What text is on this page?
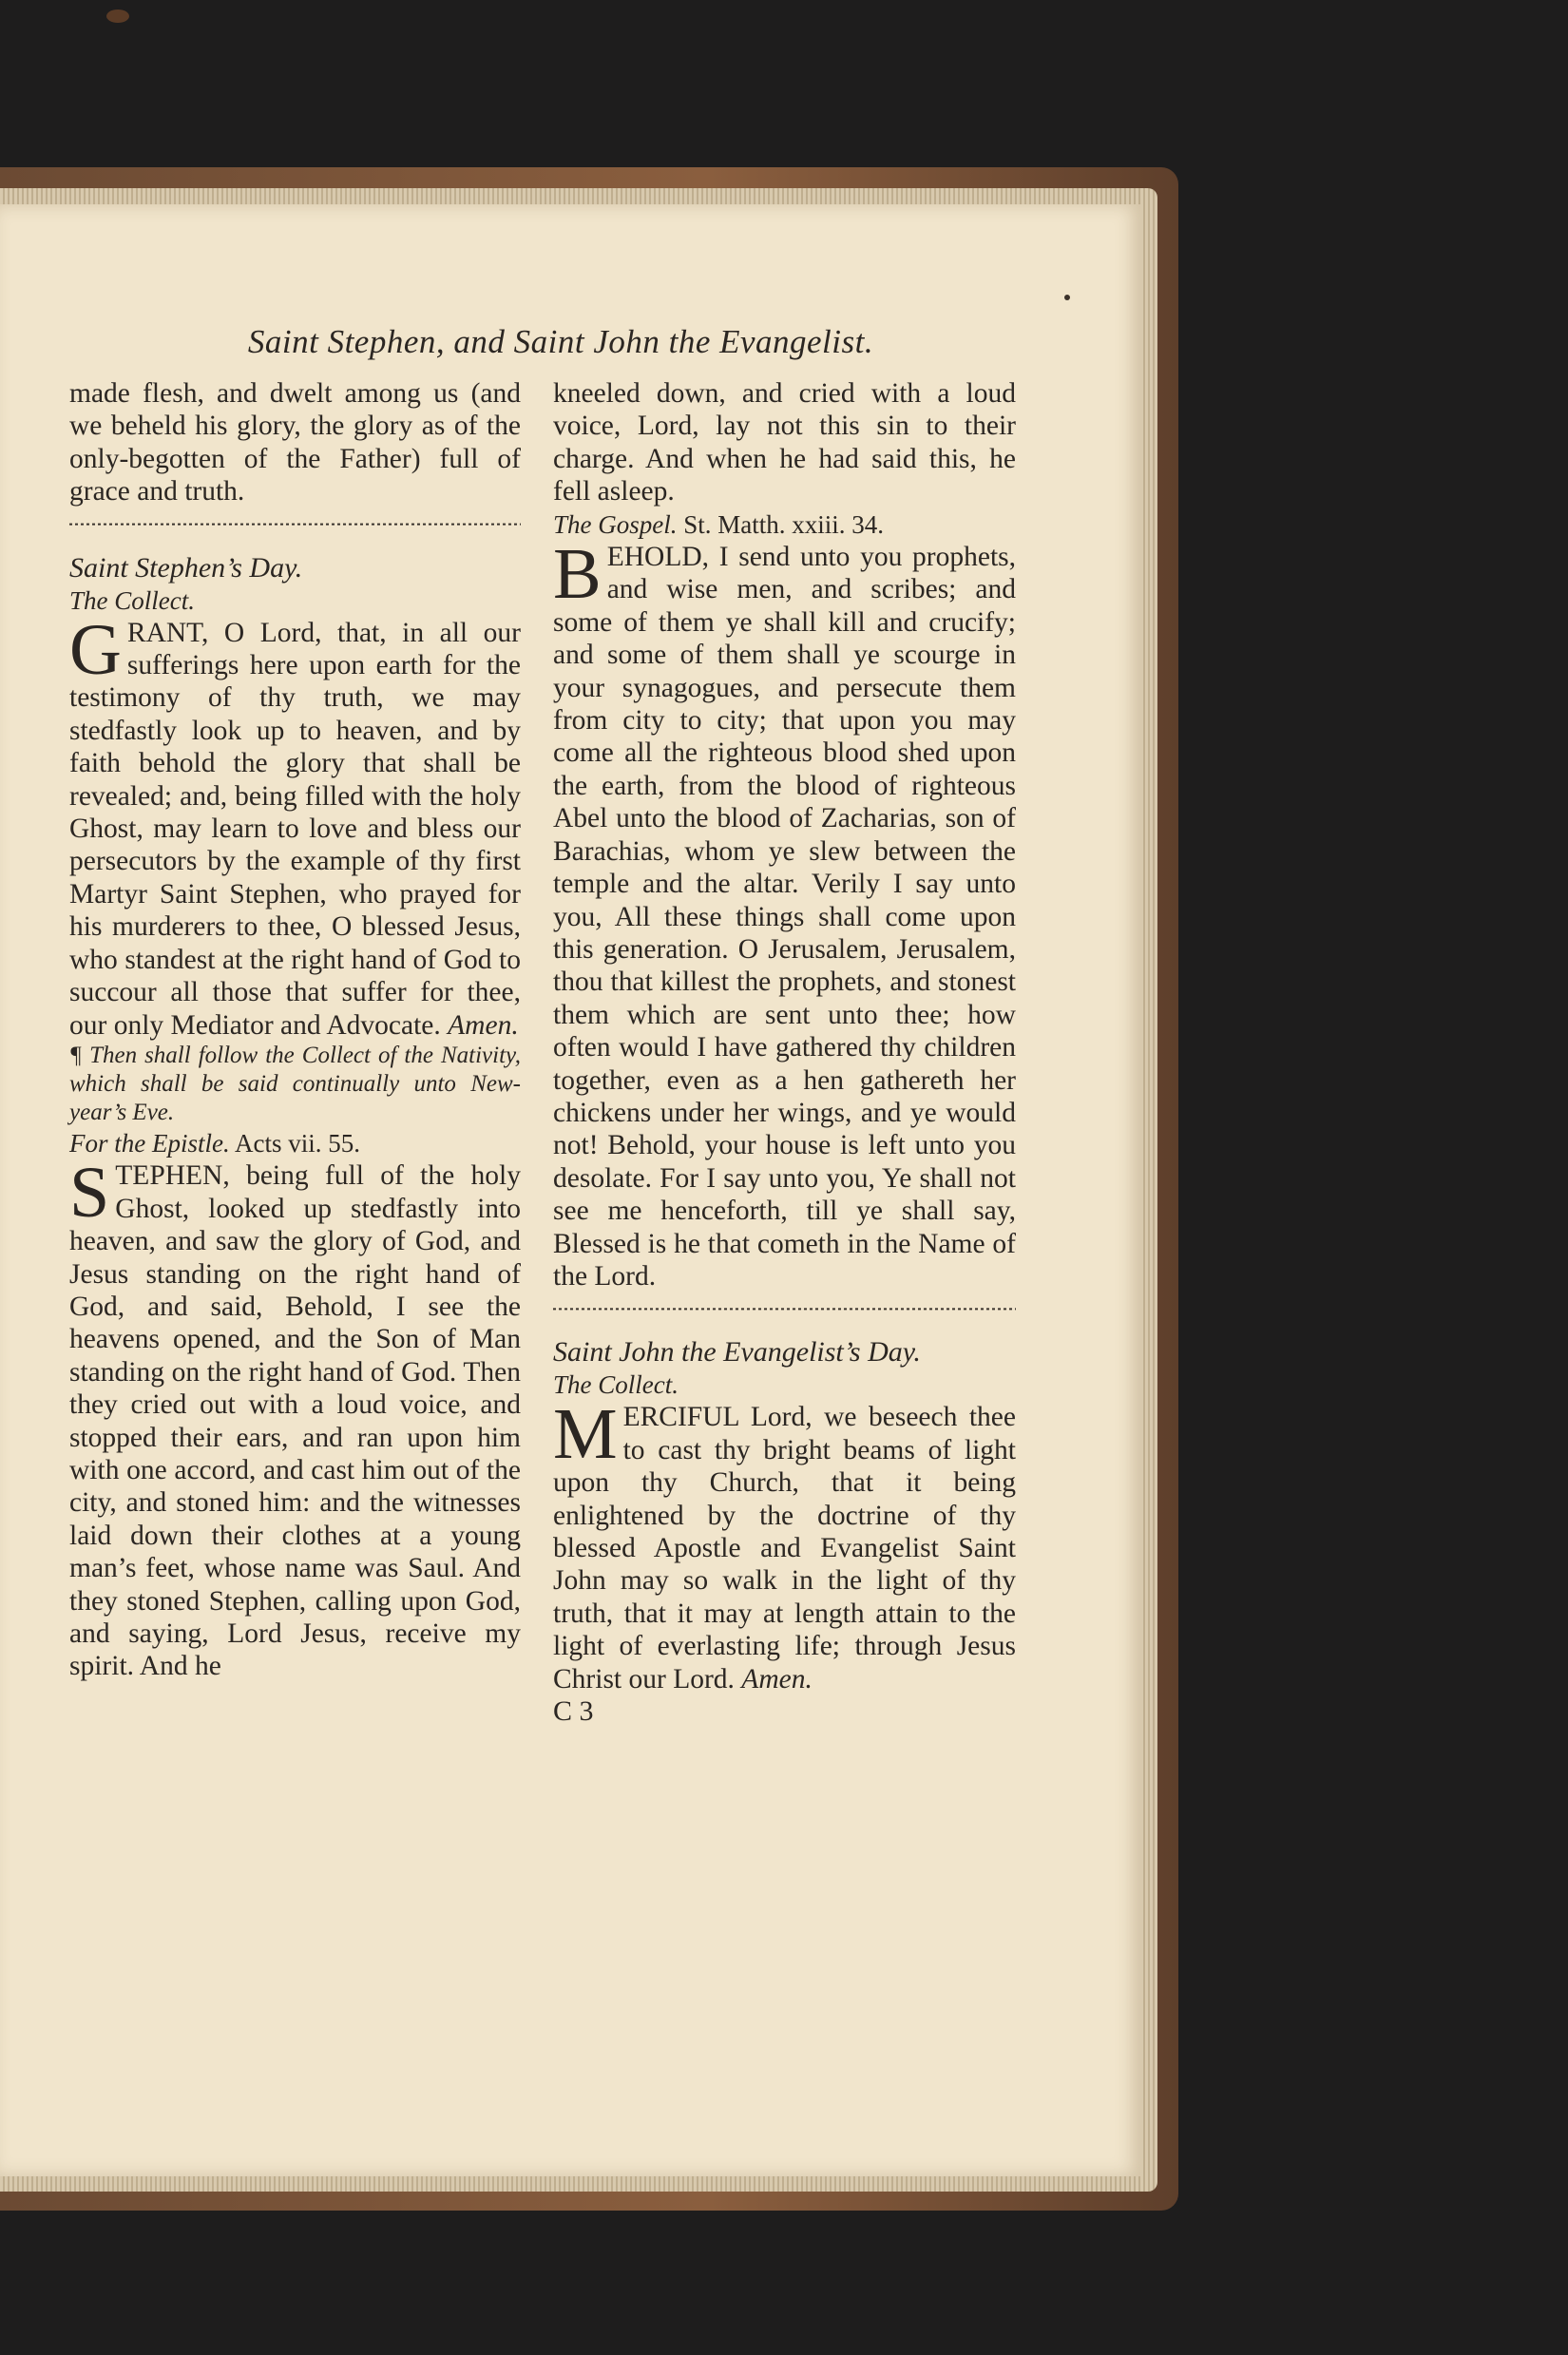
Saint Stephen, and Saint John the Evangelist.

made flesh, and dwelt among us (and we beheld his glory, the glory as of the only-begotten of the Father) full of grace and truth.

Saint Stephen’s Day.

The Collect.

GRANT, O Lord, that, in all our sufferings here upon earth for the testimony of thy truth, we may stedfastly look up to heaven, and by faith behold the glory that shall be revealed; and, being filled with the holy Ghost, may learn to love and bless our persecutors by the example of thy first Martyr Saint Stephen, who prayed for his murderers to thee, O blessed Jesus, who standest at the right hand of God to succour all those that suffer for thee, our only Mediator and Advocate. Amen.

¶ Then shall follow the Collect of the Nativity, which shall be said continually unto New-year’s Eve.

For the Epistle. Acts vii. 55.

STEPHEN, being full of the holy Ghost, looked up stedfastly into heaven, and saw the glory of God, and Jesus standing on the right hand of God, and said, Behold, I see the heavens opened, and the Son of Man standing on the right hand of God. Then they cried out with a loud voice, and stopped their ears, and ran upon him with one accord, and cast him out of the city, and stoned him: and the witnesses laid down their clothes at a young man’s feet, whose name was Saul. And they stoned Stephen, calling upon God, and saying, Lord Jesus, receive my spirit. And he

kneeled down, and cried with a loud voice, Lord, lay not this sin to their charge. And when he had said this, he fell asleep.

The Gospel. St. Matth. xxiii. 34.

BEHOLD, I send unto you prophets, and wise men, and scribes; and some of them ye shall kill and crucify; and some of them shall ye scourge in your synagogues, and persecute them from city to city; that upon you may come all the righteous blood shed upon the earth, from the blood of righteous Abel unto the blood of Zacharias, son of Barachias, whom ye slew between the temple and the altar. Verily I say unto you, All these things shall come upon this generation. O Jerusalem, Jerusalem, thou that killest the prophets, and stonest them which are sent unto thee; how often would I have gathered thy children together, even as a hen gathereth her chickens under her wings, and ye would not! Behold, your house is left unto you desolate. For I say unto you, Ye shall not see me henceforth, till ye shall say, Blessed is he that cometh in the Name of the Lord.

Saint John the Evangelist’s Day.

The Collect.

MERCIFUL Lord, we beseech thee to cast thy bright beams of light upon thy Church, that it being enlightened by the doctrine of thy blessed Apostle and Evangelist Saint John may so walk in the light of thy truth, that it may at length attain to the light of everlasting life; through Jesus Christ our Lord. Amen.

C 3
